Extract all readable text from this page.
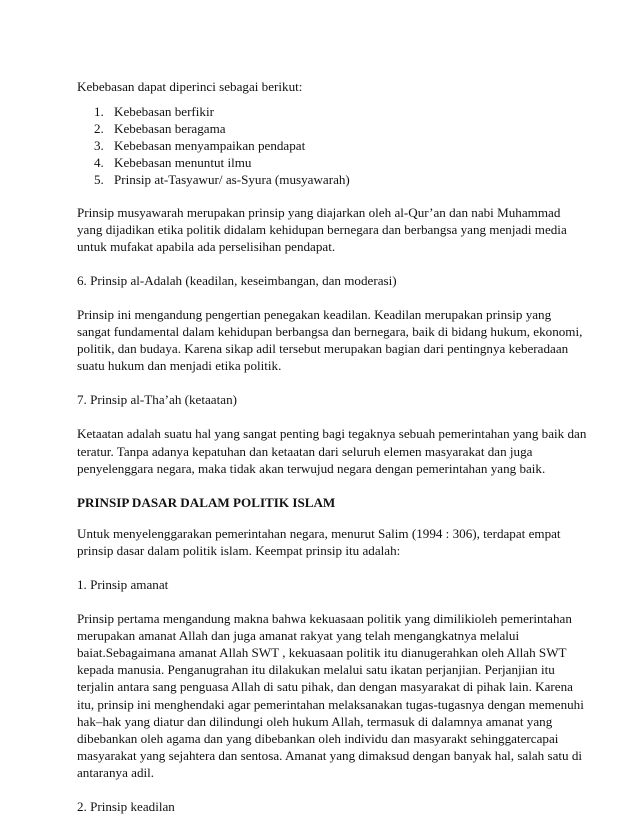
Kebebasan dapat diperinci sebagai berikut:

1. Kebebasan berfikir
2. Kebebasan beragama
3. Kebebasan menyampaikan pendapat
4. Kebebasan menuntut ilmu
5. Prinsip at-Tasyawur/ as-Syura (musyawarah)

Prinsip musyawarah merupakan prinsip yang diajarkan oleh al-Qur’an dan nabi Muhammad
yang dijadikan etika politik didalam kehidupan bernegara dan berbangsa yang menjadi media
untuk mufakat apabila ada perselisihan pendapat.

6. Prinsip al-Adalah (keadilan, keseimbangan, dan moderasi)

Prinsip ini mengandung pengertian penegakan keadilan. Keadilan merupakan prinsip yang
sangat fundamental dalam kehidupan berbangsa dan bernegara, baik di bidang hukum, ekonomi,
politik, dan budaya. Karena sikap adil tersebut merupakan bagian dari pentingnya keberadaan
suatu hukum dan menjadi etika politik.

7. Prinsip al-Tha’ah (ketaatan)

Ketaatan adalah suatu hal yang sangat penting bagi tegaknya sebuah pemerintahan yang baik dan
teratur. Tanpa adanya kepatuhan dan ketaatan dari seluruh elemen masyarakat dan juga
penyelenggara negara, maka tidak akan terwujud negara dengan pemerintahan yang baik.

PRINSIP DASAR DALAM POLITIK ISLAM

Untuk menyelenggarakan pemerintahan negara, menurut Salim (1994 : 306), terdapat empat
prinsip dasar dalam politik islam. Keempat prinsip itu adalah:

1. Prinsip amanat

Prinsip pertama mengandung makna bahwa kekuasaan politik yang dimilikioleh pemerintahan
merupakan amanat Allah dan juga amanat rakyat yang telah mengangkatnya melalui
baiat.Sebagaimana amanat Allah SWT , kekuasaan politik itu dianugerahkan oleh Allah SWT
kepada manusia. Penganugrahan itu dilakukan melalui satu ikatan perjanjian. Perjanjian itu
terjalin antara sang penguasa Allah di satu pihak, dan dengan masyarakat di pihak lain. Karena
itu, prinsip ini menghendaki agar pemerintahan melaksanakan tugas-tugasnya dengan memenuhi
hak–hak yang diatur dan dilindungi oleh hukum Allah, termasuk di dalamnya amanat yang
dibebankan oleh agama dan yang dibebankan oleh individu dan masyarakt sehinggatercapai
masyarakat yang sejahtera dan sentosa. Amanat yang dimaksud dengan banyak hal, salah satu di
antaranya adil.

2. Prinsip keadilan
